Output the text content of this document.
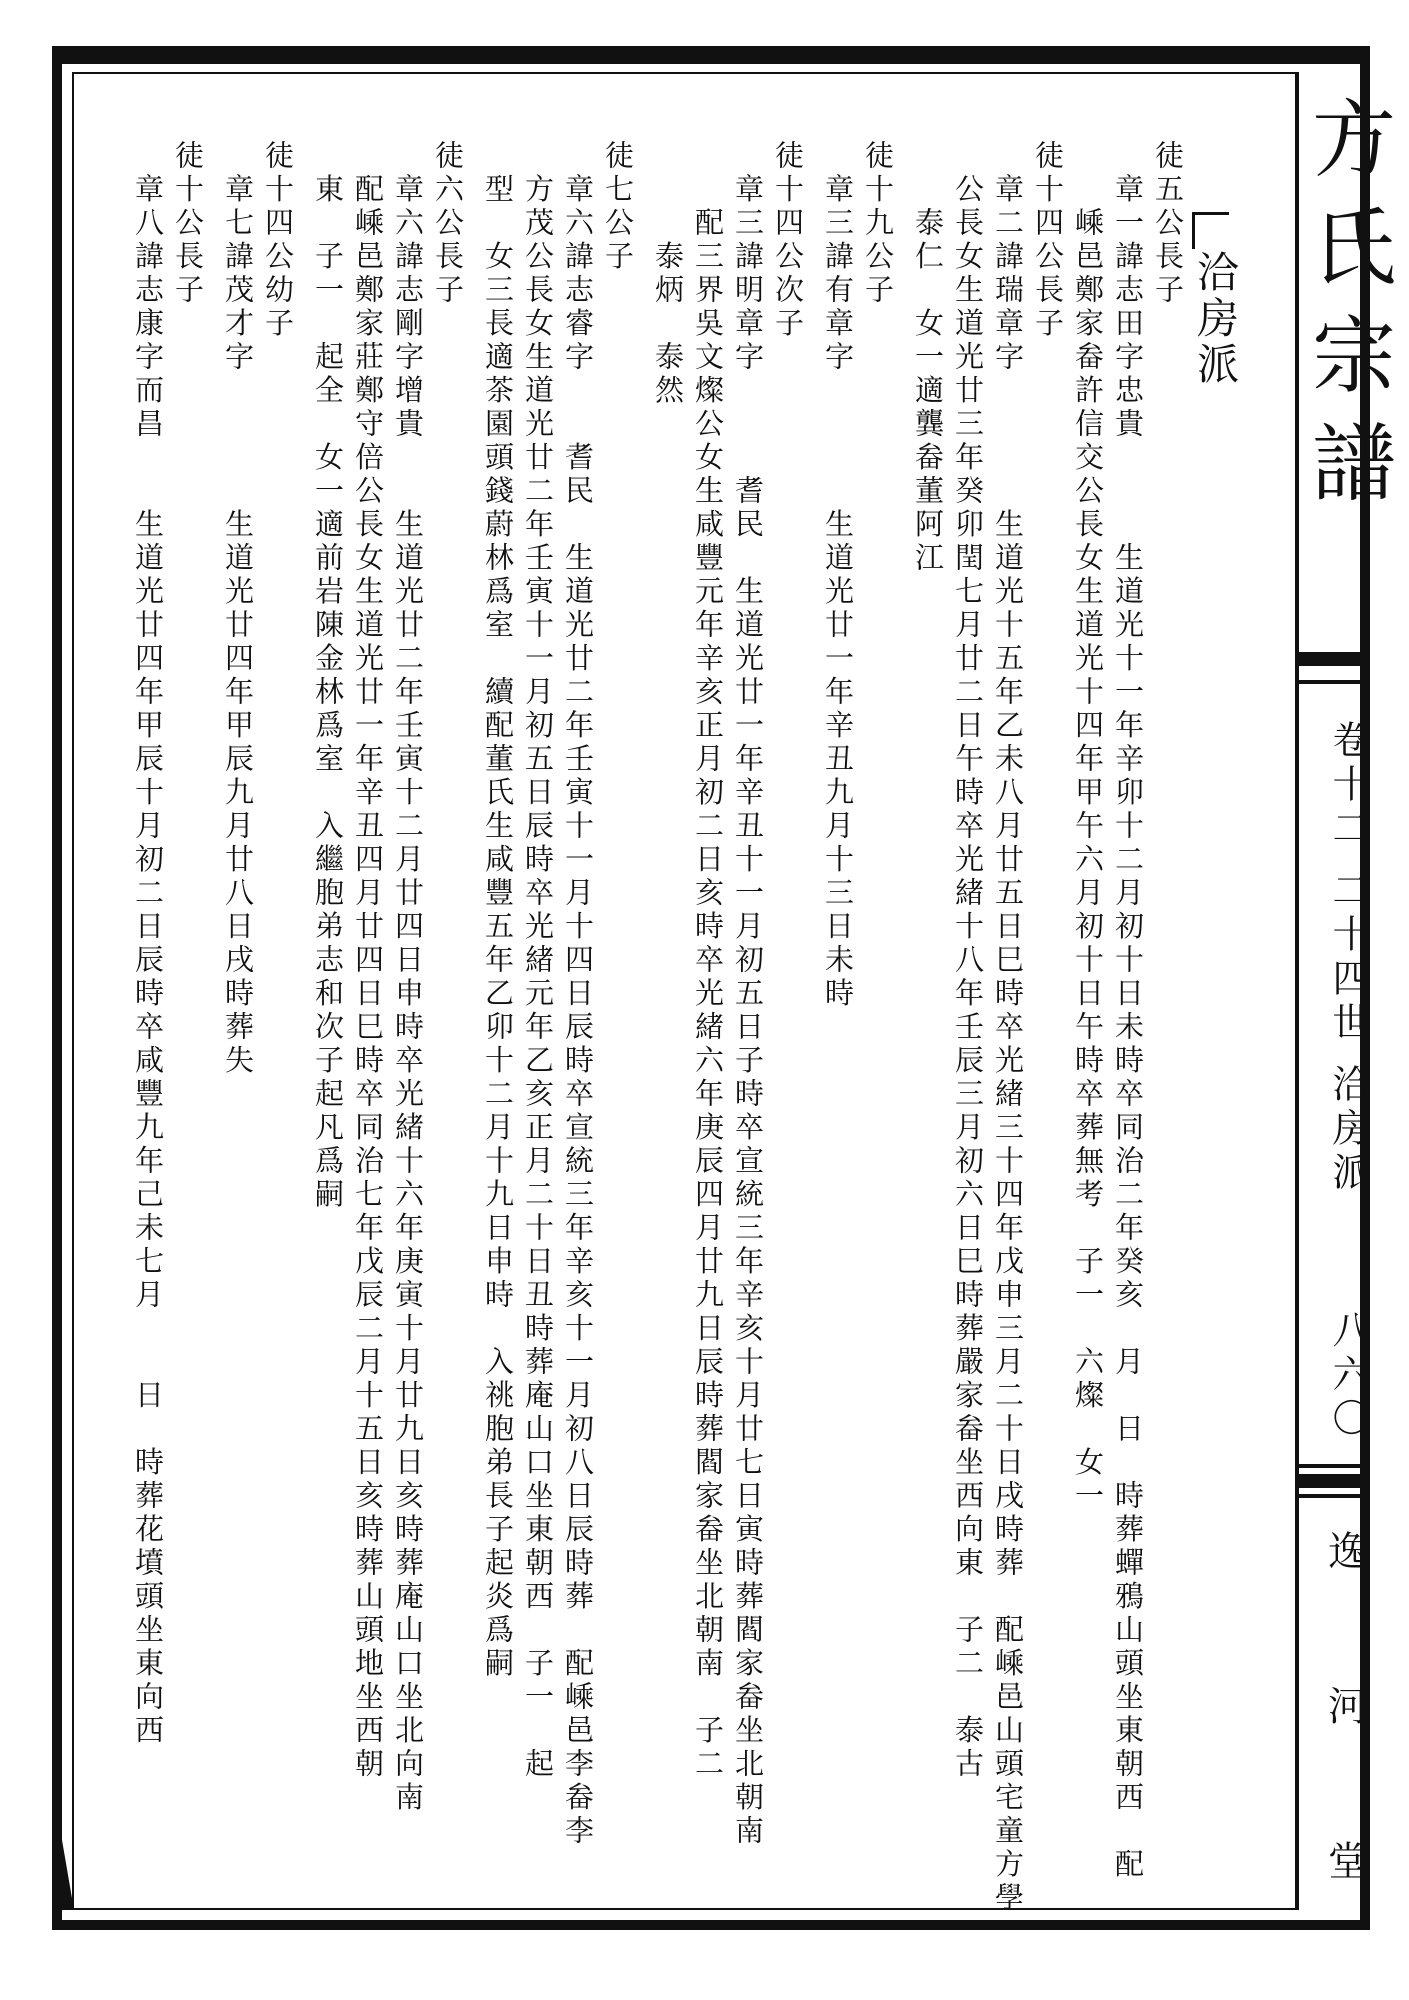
方
氏
宗
譜
卷十二 二十四世 洽房派
八六〇
逸
河
堂
洽房派
徒五公長子
　章一諱志田字忠貴　　　生道光十一年辛卯十二月初十日未時卒同治二年癸亥　月　日　時葬蟬鴉山頭坐東朝西　配
　　嵊邑鄭家畚許信交公長女生道光十四年甲午六月初十日午時卒葬無考　子一　六燦　女一
徒十四公長子
　章二諱瑞章字　　　　生道光十五年乙未八月廿五日巳時卒光緒三十四年戊申三月二十日戌時葬　配嵊邑山頭宅童方學
　公長女生道光廿三年癸卯閏七月廿二日午時卒光緒十八年壬辰三月初六日巳時葬嚴家畚坐西向東　子二　泰古
　　泰仁　女一適龔畚董阿江
徒十九公子
　章三諱有章字　　　　生道光廿一年辛丑九月十三日未時
徒十四公次子
　章三諱明章字　　　耆民　生道光廿一年辛丑十一月初五日子時卒宣統三年辛亥十月廿七日寅時葬閻家畚坐北朝南
　　配三界吳文燦公女生咸豐元年辛亥正月初二日亥時卒光緒六年庚辰四月廿九日辰時葬閻家畚坐北朝南　子二
　　　泰炳　泰然
徒七公子
　章六諱志睿字　　耆民　生道光廿二年壬寅十一月十四日辰時卒宣統三年辛亥十一月初八日辰時葬　配嵊邑李畚李
　方茂公長女生道光廿二年壬寅十一月初五日辰時卒光緒元年乙亥正月二十日丑時葬庵山口坐東朝西　子一　起
　型　女三長適茶園頭錢蔚林爲室　續配董氏生咸豐五年乙卯十二月十九日申時　入祧胞弟長子起炎爲嗣
徒六公長子
　章六諱志剛字增貴　　生道光廿二年壬寅十二月廿四日申時卒光緒十六年庚寅十月廿九日亥時葬庵山口坐北向南
　配嵊邑鄭家莊鄭守倍公長女生道光廿一年辛丑四月廿四日巳時卒同治七年戊辰二月十五日亥時葬山頭地坐西朝
　東　子一　起全　女一適前岩陳金林爲室　入繼胞弟志和次子起凡爲嗣
徒十四公幼子
　章七諱茂才字　　　　生道光廿四年甲辰九月廿八日戌時葬失
徒十公長子
　章八諱志康字而昌　　生道光廿四年甲辰十月初二日辰時卒咸豐九年己未七月　　日　時葬花墳頭坐東向西
